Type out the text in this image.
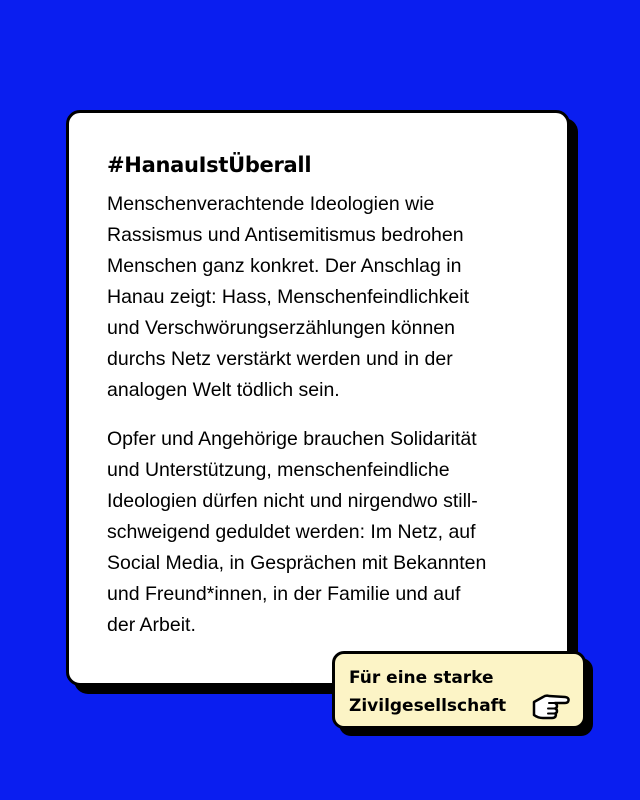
#HanauIstÜberall

Menschenverachtende Ideologien wie
Rassismus und Antisemitismus bedrohen
Menschen ganz konkret. Der Anschlag in
Hanau zeigt: Hass, Menschenfeindlichkeit
und Verschwörungserzählungen können
durchs Netz verstärkt werden und in der
analogen Welt tödlich sein.

Opfer und Angehörige brauchen Solidarität
und Unterstützung, menschenfeindliche
Ideologien dürfen nicht und nirgendwo still-
schweigend geduldet werden: Im Netz, auf
Social Media, in Gesprächen mit Bekannten
und Freund*innen, in der Familie und auf
der Arbeit.

Für eine starke
Zivilgesellschaft
